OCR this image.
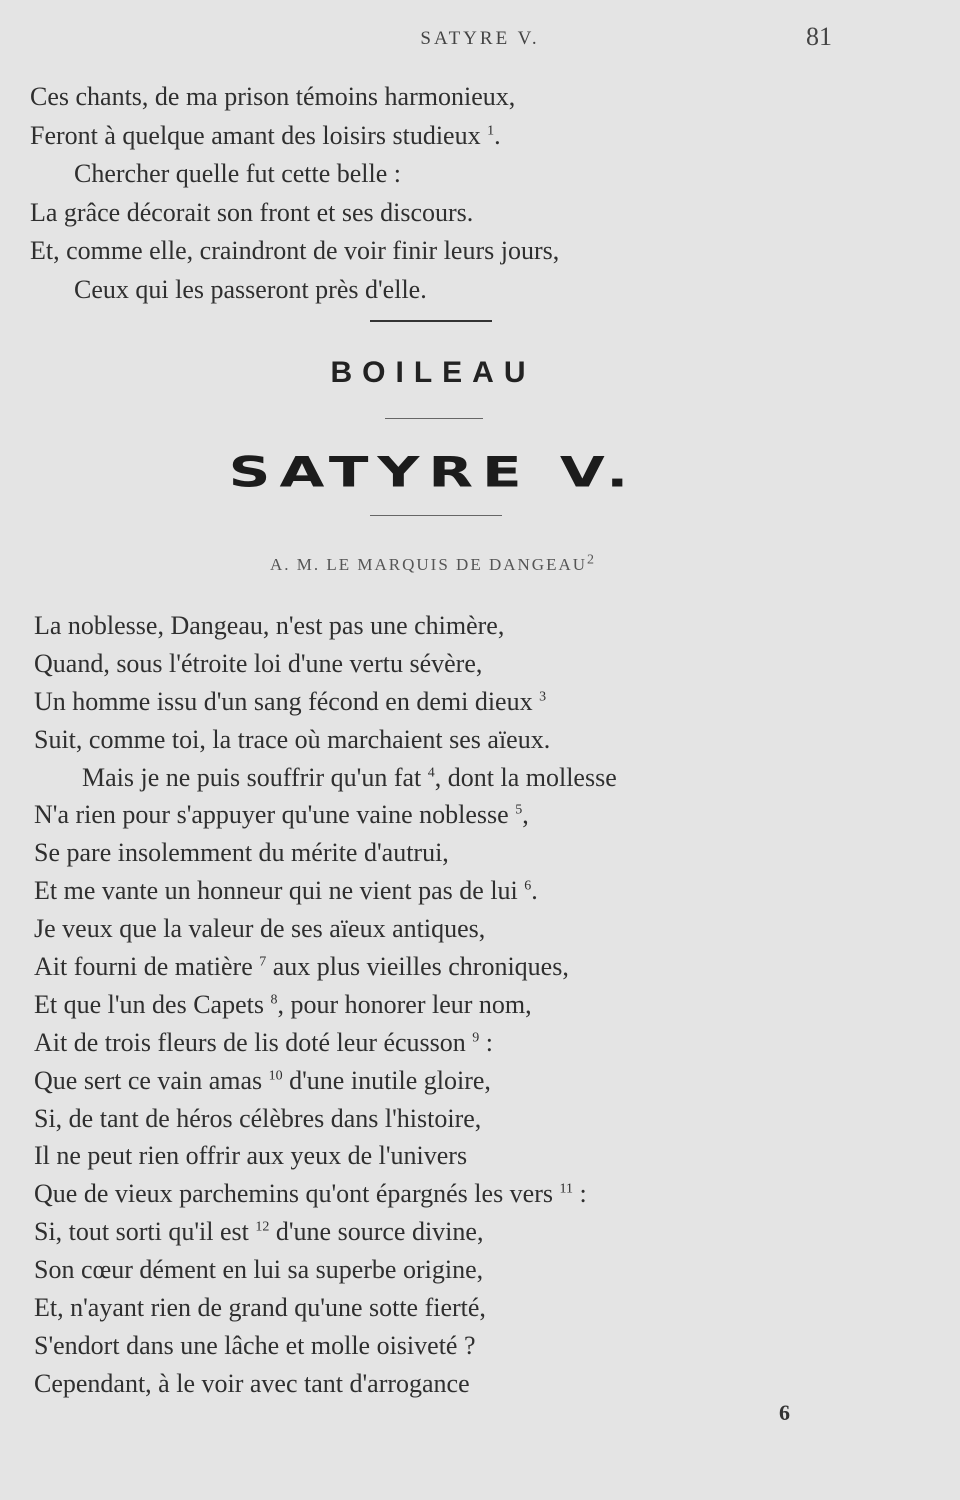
SATYRE V.	81
Ces chants, de ma prison témoins harmonieux,
Feront à quelque amant des loisirs studieux $^1$.
Chercher quelle fut cette belle :
La grâce décorait son front et ses discours.
Et, comme elle, craindront de voir finir leurs jours,
Ceux qui les passeront près d'elle.
BOILEAU
SATYRE V.
A. M. LE MARQUIS DE DANGEAU$^2$
La noblesse, Dangeau, n'est pas une chimère,
Quand, sous l'étroite loi d'une vertu sévère,
Un homme issu d'un sang fécond en demi dieux $^3$
Suit, comme toi, la trace où marchaient ses aïeux.
Mais je ne puis souffrir qu'un fat $^4$, dont la mollesse
N'a rien pour s'appuyer qu'une vaine noblesse $^5$,
Se pare insolemment du mérite d'autrui,
Et me vante un honneur qui ne vient pas de lui $^6$.
Je veux que la valeur de ses aïeux antiques,
Ait fourni de matière $^7$ aux plus vieilles chroniques,
Et que l'un des Capets $^8$, pour honorer leur nom,
Ait de trois fleurs de lis doté leur écusson $^9$ :
Que sert ce vain amas $^{10}$ d'une inutile gloire,
Si, de tant de héros célèbres dans l'histoire,
Il ne peut rien offrir aux yeux de l'univers
Que de vieux parchemins qu'ont épargnés les vers $^{11}$ :
Si, tout sorti qu'il est $^{12}$ d'une source divine,
Son cœur dément en lui sa superbe origine,
Et, n'ayant rien de grand qu'une sotte fierté,
S'endort dans une lâche et molle oisiveté ?
Cependant, à le voir avec tant d'arrogance
6
